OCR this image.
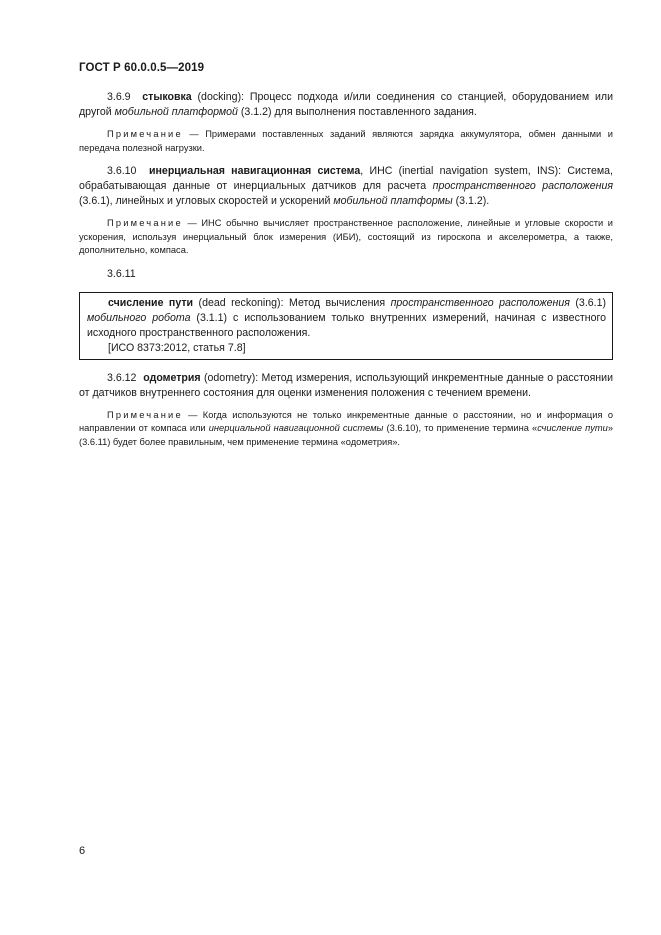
ГОСТ Р 60.0.0.5—2019

3.6.9 стыковка (docking): Процесс подхода и/или соединения со станцией, оборудованием или другой мобильной платформой (3.1.2) для выполнения поставленного задания.

Примечание — Примерами поставленных заданий являются зарядка аккумулятора, обмен данными и передача полезной нагрузки.

3.6.10 инерциальная навигационная система, ИНС (inertial navigation system, INS): Система, обрабатывающая данные от инерциальных датчиков для расчета пространственного расположения (3.6.1), линейных и угловых скоростей и ускорений мобильной платформы (3.1.2).

Примечание — ИНС обычно вычисляет пространственное расположение, линейные и угловые скорости и ускорения, используя инерциальный блок измерения (ИБИ), состоящий из гироскопа и акселерометра, а также, дополнительно, компаса.

3.6.11

счисление пути (dead reckoning): Метод вычисления пространственного расположения (3.6.1) мобильного робота (3.1.1) с использованием только внутренних измерений, начиная с известного исходного пространственного расположения.

[ИСО 8373:2012, статья 7.8]

3.6.12 одометрия (odometry): Метод измерения, использующий инкрементные данные о расстоянии от датчиков внутреннего состояния для оценки изменения положения с течением времени.

Примечание — Когда используются не только инкрементные данные о расстоянии, но и информация о направлении от компаса или инерциальной навигационной системы (3.6.10), то применение термина «счисление пути» (3.6.11) будет более правильным, чем применение термина «одометрия».

6
